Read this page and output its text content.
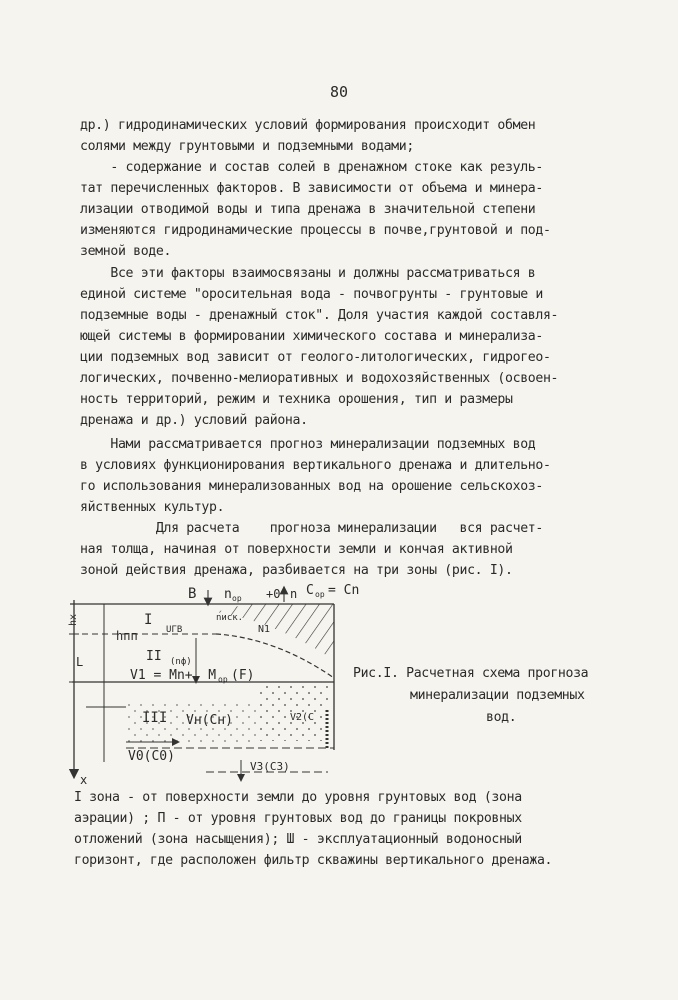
80
др.) гидродинамических условий формирования происходит обмен
солями между грунтовыми и подземными водами;
- содержание и состав солей в дренажном стоке как резуль-
тат перечисленных факторов. В зависимости от объема и минера-
лизации отводимой воды и типа дренажа в значительной степени
изменяются гидродинамические процессы в почве,грунтовой и под-
земной воде.
Все эти факторы взаимосвязаны и должны рассматриваться в
единой системе "оросительная вода - почвогрунты - грунтовые и
подземные воды - дренажный сток". Доля участия каждой составля-
ющей системы в формировании химического состава и минерализа-
ции подземных вод зависит от геолого-литологических, гидрогео-
логических, почвенно-мелиоративных и водохозяйственных (освоен-
ность территорий, режим и техника орошения, тип и размеры
дренажа и др.) условий района.
Нами рассматривается прогноз минерализации подземных вод
в условиях функционирования вертикального дренажа и длительно-
го использования минерализованных вод на орошение сельскохоз-
яйственных культур.
Для расчета    прогноза минерализации   вся расчет-
ная толща, начиная от поверхности земли и кончая активной
зоной действия дренажа, разбивается на три зоны (рис. I).
B n ор +0 n C ор = Cn
hx
L
x
I
hпп	UГВ
nиск.
N1
II (nф)
V1 = Mn+, M ор (F)
III Vн(Cн)	V2(C
V0(C0)
V3(C3)
Рис.I. Расчетная схема прогноза
минерализации подземных
вод.
I зона - от поверхности земли до уровня грунтовых вод (зона
аэрации) ; П - от уровня грунтовых вод до границы покровных
отложений (зона насыщения); Ш - эксплуатационный водоносный
горизонт, где расположен фильтр скважины вертикального дренажа.
